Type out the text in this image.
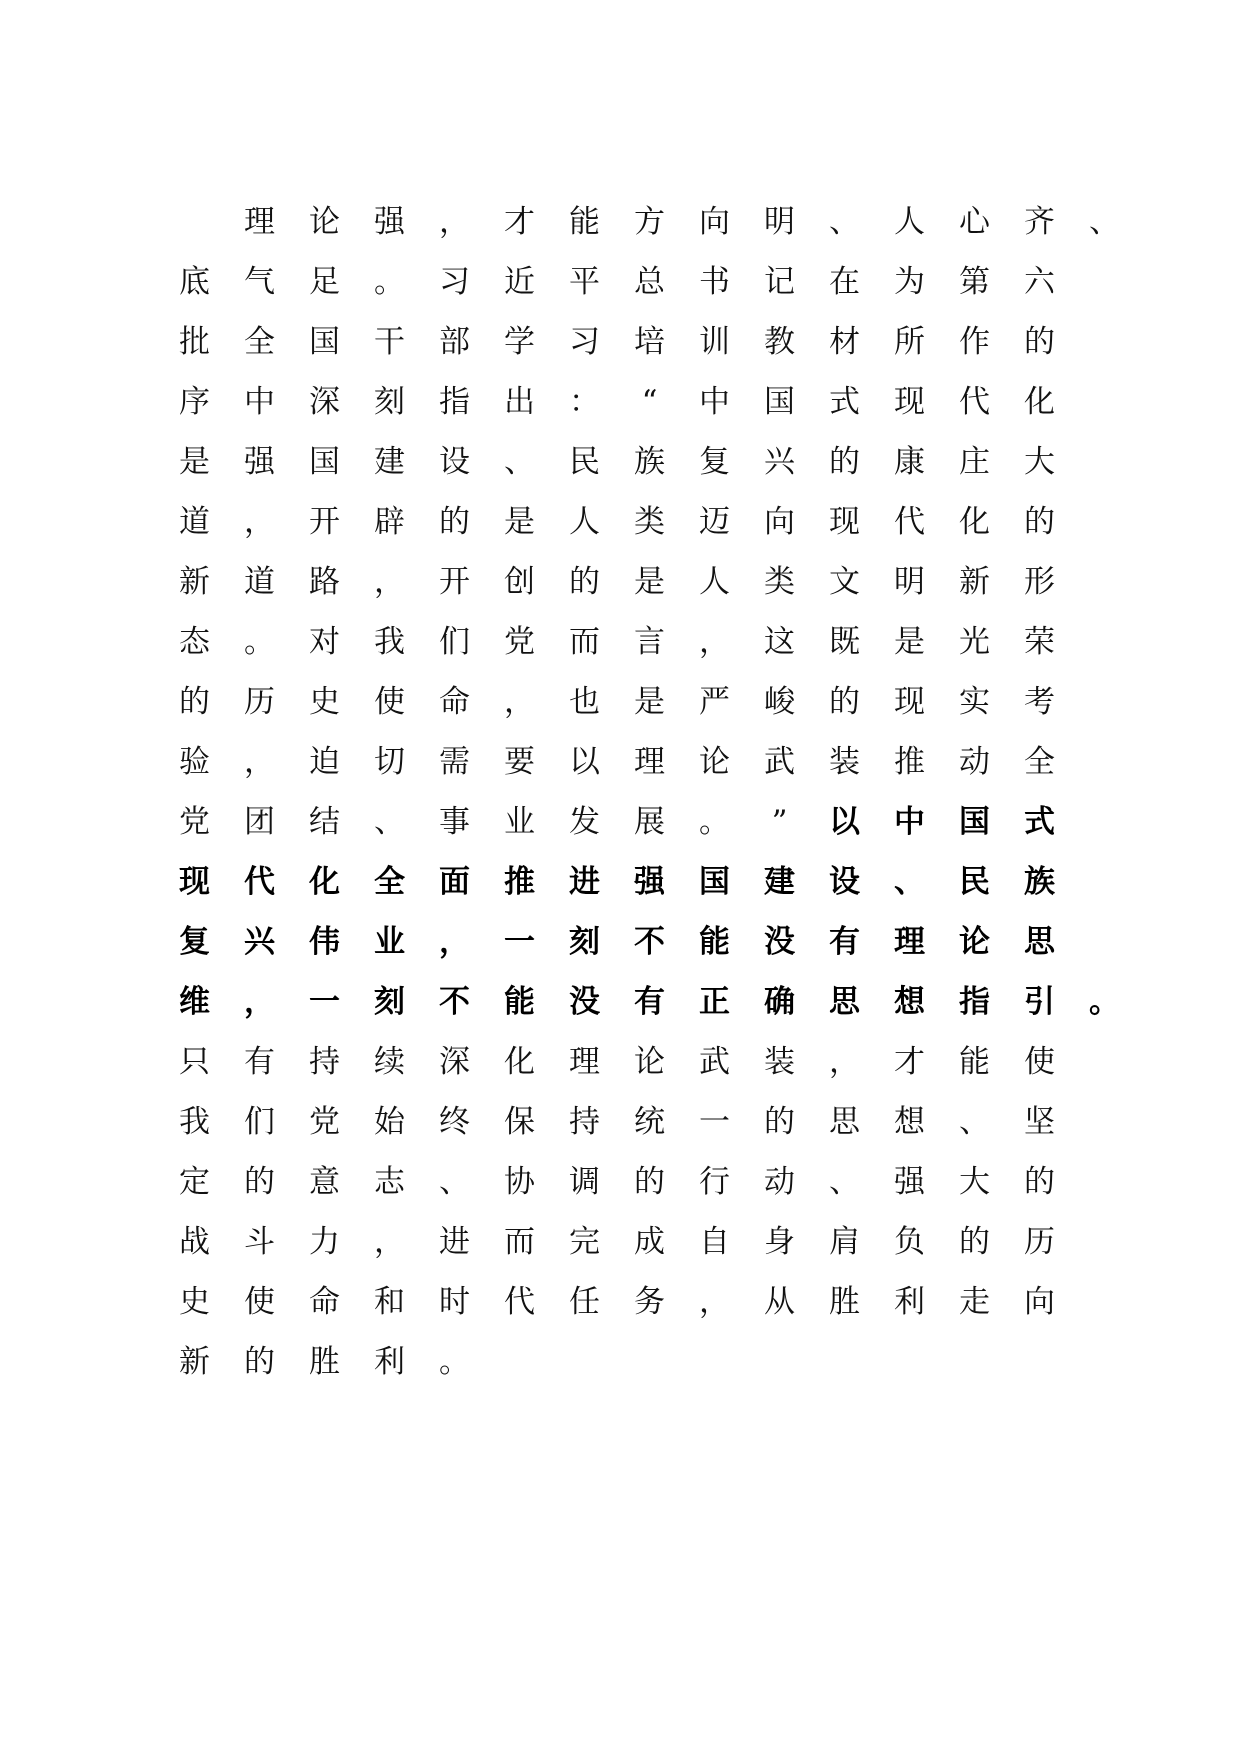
理	论	强	，	才	能	方	向	明	、	人	心	齐	、
底	气	足	。	习	近	平	总	书	记	在	为	第	六
批	全	国	干	部	学	习	培	训	教	材	所	作	的
序	中	深	刻	指	出	：	“	中	国	式	现	代	化
是	强	国	建	设	、	民	族	复	兴	的	康	庄	大
道	，	开	辟	的	是	人	类	迈	向	现	代	化	的
新	道	路	，	开	创	的	是	人	类	文	明	新	形
态	。	对	我	们	党	而	言	，	这	既	是	光	荣
的	历	史	使	命	，	也	是	严	峻	的	现	实	考
验	，	迫	切	需	要	以	理	论	武	装	推	动	全
党	团	结	、	事	业	发	展	。	”	以	中	国	式
现	代	化	全	面	推	进	强	国	建	设	、	民	族
复	兴	伟	业	，	一	刻	不	能	没	有	理	论	思
维	，	一	刻	不	能	没	有	正	确	思	想	指	引	。
只	有	持	续	深	化	理	论	武	装	，	才	能	使
我	们	党	始	终	保	持	统	一	的	思	想	、	坚
定	的	意	志	、	协	调	的	行	动	、	强	大	的
战	斗	力	，	进	而	完	成	自	身	肩	负	的	历
史	使	命	和	时	代	任	务	，	从	胜	利	走	向
新	的	胜	利	。
